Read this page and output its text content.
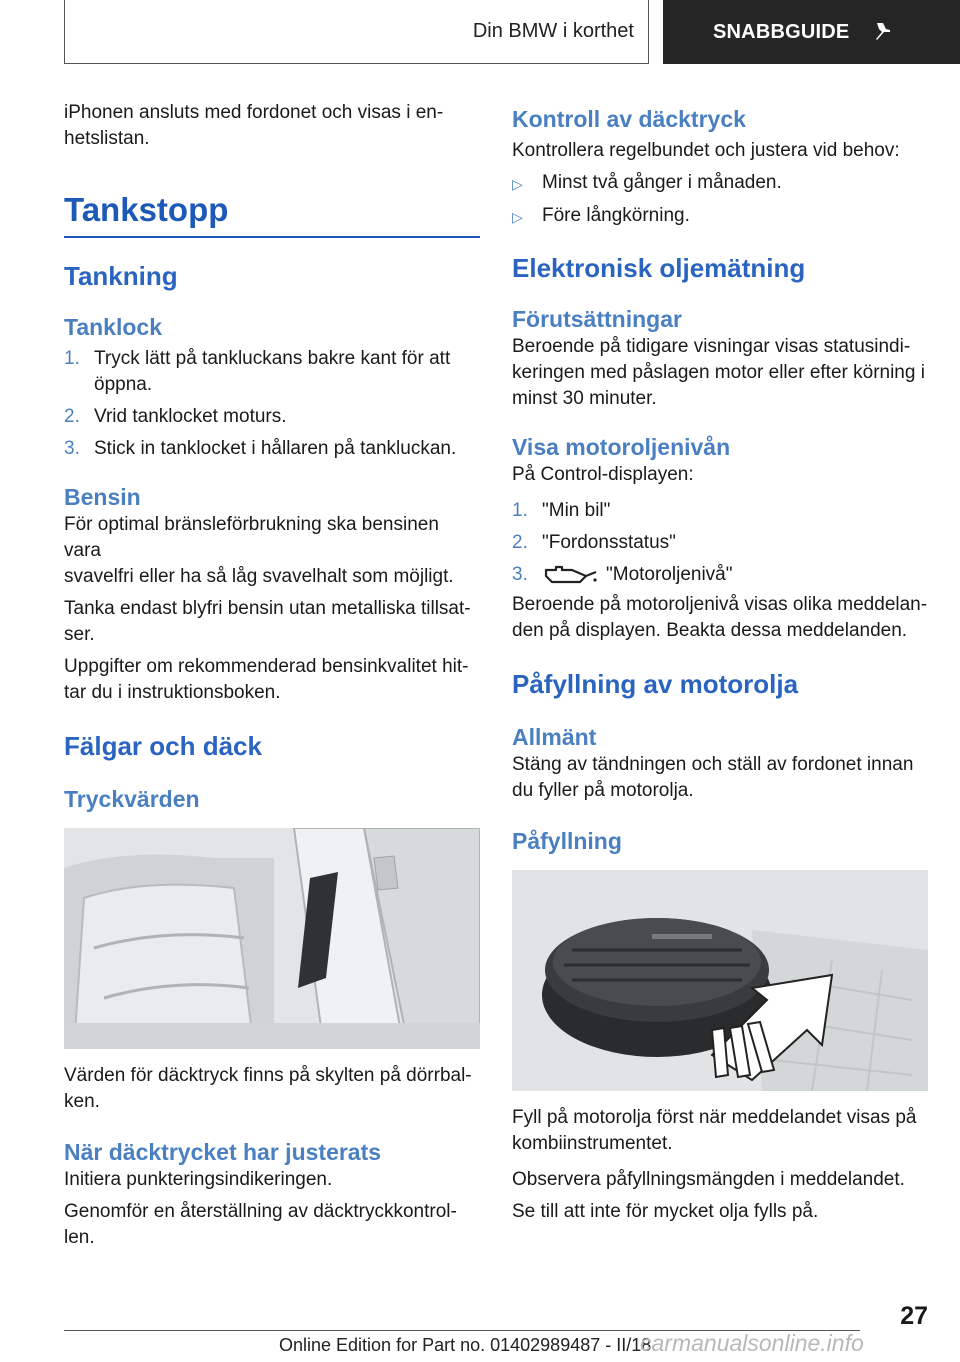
Din BMW i korthet	SNABBGUIDE

iPhonen ansluts med fordonet och visas i en-
hetslistan.

Tankstopp
Tankning
Tanklock
1. Tryck lätt på tankluckans bakre kant för att
öppna.
2. Vrid tanklocket moturs.
3. Stick in tanklocket i hållaren på tankluckan.
Bensin

För optimal bränsleförbrukning ska bensinen vara
svavelfri eller ha så låg svavelhalt som möjligt.

Tanka endast blyfri bensin utan metalliska tillsat-
ser.

Uppgifter om rekommenderad bensinkvalitet hit-
tar du i instruktionsboken.

Fälgar och däck
Tryckvärden

Värden för däcktryck finns på skylten på dörrbal-
ken.

När däcktrycket har justerats

Initiera punkteringsindikeringen.

Genomför en återställning av däcktryckkontrol-
len.

Kontroll av däcktryck

Kontrollera regelbundet och justera vid behov:

▷	Minst två gånger i månaden.
▷	Före långkörning.
Elektronisk oljemätning
Förutsättningar

Beroende på tidigare visningar visas statusindi-
keringen med påslagen motor eller efter körning i
minst 30 minuter.

Visa motoroljenivån

På Control-displayen:

1. "Min bil"
2. "Fordonsstatus"
3.	"Motoroljenivå"

Beroende på motoroljenivå visas olika meddelan-
den på displayen. Beakta dessa meddelanden.

Påfyllning av motorolja
Allmänt

Stäng av tändningen och ställ av fordonet innan
du fyller på motorolja.

Påfyllning

Fyll på motorolja först när meddelandet visas på
kombiinstrumentet.

Observera påfyllningsmängden i meddelandet.

Se till att inte för mycket olja fylls på.

27
Online Edition for Part no. 01402989487 - II/18
carmanualsonline.info
